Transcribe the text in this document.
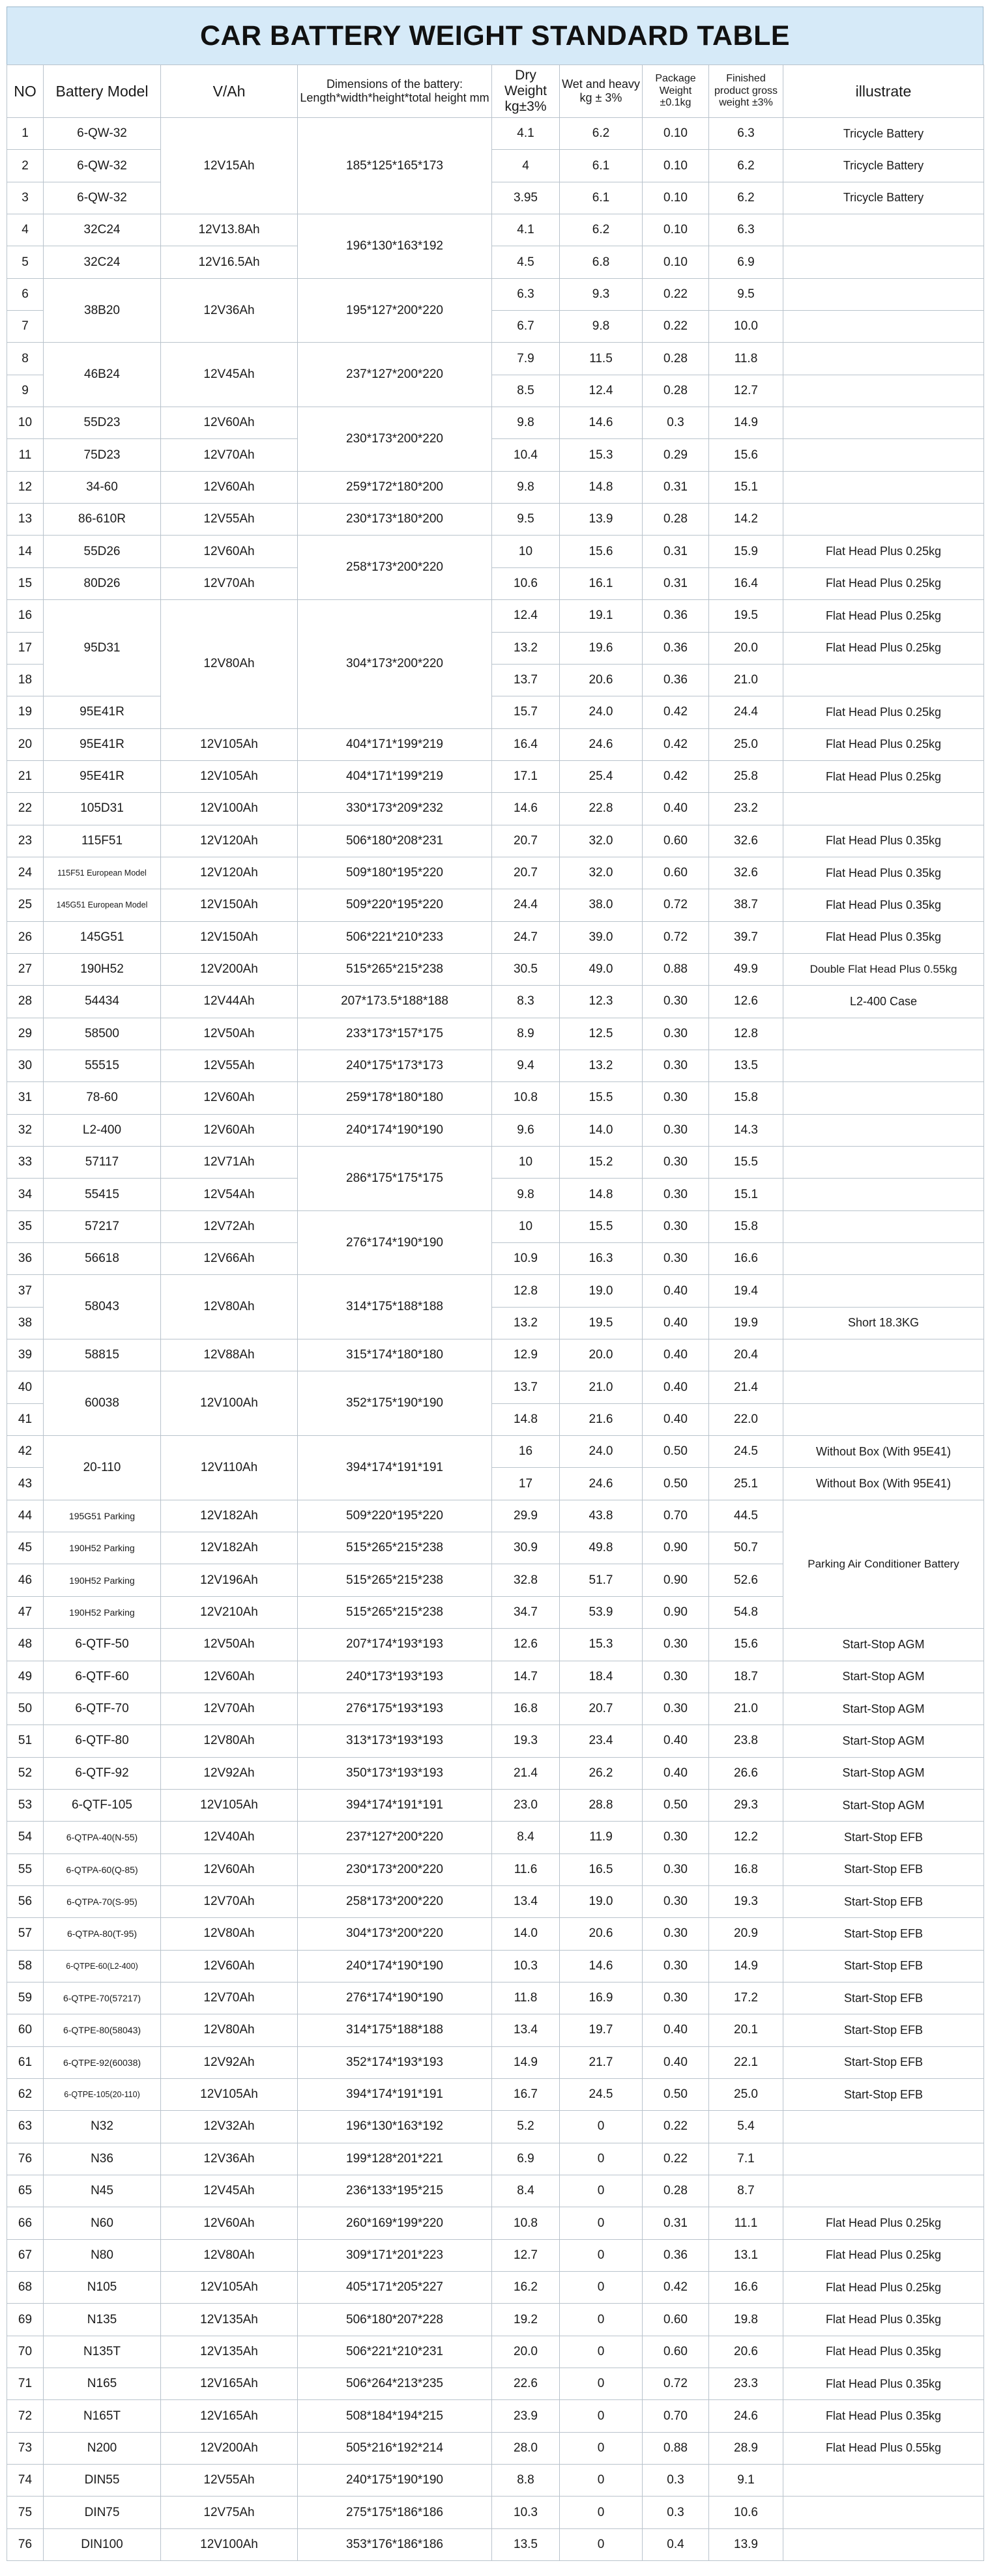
CAR BATTERY WEIGHT STANDARD TABLE
NO	Battery Model	V/Ah	Dimensions of the battery: Length*width*height*total height mm	Dry Weight kg±3%	Wet and heavy kg ± 3%	Package Weight ±0.1kg	Finished product gross weight ±3%	illustrate
1	6-QW-32	12V15Ah	185*125*165*173	4.1	6.2	0.10	6.3	Tricycle Battery
2	6-QW-32			4	6.1	0.10	6.2	Tricycle Battery
3	6-QW-32			3.95	6.1	0.10	6.2	Tricycle Battery
4	32C24	12V13.8Ah	196*130*163*192	4.1	6.2	0.10	6.3	
5	32C24	12V16.5Ah		4.5	6.8	0.10	6.9	
6	38B20	12V36Ah	195*127*200*220	6.3	9.3	0.22	9.5	
7				6.7	9.8	0.22	10.0	
8	46B24	12V45Ah	237*127*200*220	7.9	11.5	0.28	11.8	
9				8.5	12.4	0.28	12.7	
10	55D23	12V60Ah	230*173*200*220	9.8	14.6	0.3	14.9	
11	75D23	12V70Ah		10.4	15.3	0.29	15.6	
12	34-60	12V60Ah	259*172*180*200	9.8	14.8	0.31	15.1	
13	86-610R	12V55Ah	230*173*180*200	9.5	13.9	0.28	14.2	
14	55D26	12V60Ah	258*173*200*220	10	15.6	0.31	15.9	Flat Head Plus 0.25kg
15	80D26	12V70Ah		10.6	16.1	0.31	16.4	Flat Head Plus 0.25kg
16	95D31	12V80Ah	304*173*200*220	12.4	19.1	0.36	19.5	Flat Head Plus 0.25kg
17				13.2	19.6	0.36	20.0	Flat Head Plus 0.25kg
18				13.7	20.6	0.36	21.0	
19	95E41R			15.7	24.0	0.42	24.4	Flat Head Plus 0.25kg
20	95E41R	12V105Ah	404*171*199*219	16.4	24.6	0.42	25.0	Flat Head Plus 0.25kg
21	95E41R	12V105Ah	404*171*199*219	17.1	25.4	0.42	25.8	Flat Head Plus 0.25kg
22	105D31	12V100Ah	330*173*209*232	14.6	22.8	0.40	23.2	
23	115F51	12V120Ah	506*180*208*231	20.7	32.0	0.60	32.6	Flat Head Plus 0.35kg
24	115F51 European Model	12V120Ah	509*180*195*220	20.7	32.0	0.60	32.6	Flat Head Plus 0.35kg
25	145G51 European Model	12V150Ah	509*220*195*220	24.4	38.0	0.72	38.7	Flat Head Plus 0.35kg
26	145G51	12V150Ah	506*221*210*233	24.7	39.0	0.72	39.7	Flat Head Plus 0.35kg
27	190H52	12V200Ah	515*265*215*238	30.5	49.0	0.88	49.9	Double Flat Head Plus 0.55kg
28	54434	12V44Ah	207*173.5*188*188	8.3	12.3	0.30	12.6	L2-400 Case
29	58500	12V50Ah	233*173*157*175	8.9	12.5	0.30	12.8	
30	55515	12V55Ah	240*175*173*173	9.4	13.2	0.30	13.5	
31	78-60	12V60Ah	259*178*180*180	10.8	15.5	0.30	15.8	
32	L2-400	12V60Ah	240*174*190*190	9.6	14.0	0.30	14.3	
33	57117	12V71Ah	286*175*175*175	10	15.2	0.30	15.5	
34	55415	12V54Ah		9.8	14.8	0.30	15.1	
35	57217	12V72Ah	276*174*190*190	10	15.5	0.30	15.8	
36	56618	12V66Ah		10.9	16.3	0.30	16.6	
37	58043	12V80Ah	314*175*188*188	12.8	19.0	0.40	19.4	
38				13.2	19.5	0.40	19.9	Short 18.3KG
39	58815	12V88Ah	315*174*180*180	12.9	20.0	0.40	20.4	
40	60038	12V100Ah	352*175*190*190	13.7	21.0	0.40	21.4	
41				14.8	21.6	0.40	22.0	
42	20-110	12V110Ah	394*174*191*191	16	24.0	0.50	24.5	Without Box (With 95E41)
43				17	24.6	0.50	25.1	Without Box (With 95E41)
44	195G51 Parking	12V182Ah	509*220*195*220	29.9	43.8	0.70	44.5	Parking Air Conditioner Battery
45	190H52 Parking	12V182Ah	515*265*215*238	30.9	49.8	0.90	50.7	
46	190H52 Parking	12V196Ah	515*265*215*238	32.8	51.7	0.90	52.6	
47	190H52 Parking	12V210Ah	515*265*215*238	34.7	53.9	0.90	54.8	
48	6-QTF-50	12V50Ah	207*174*193*193	12.6	15.3	0.30	15.6	Start-Stop AGM
49	6-QTF-60	12V60Ah	240*173*193*193	14.7	18.4	0.30	18.7	Start-Stop AGM
50	6-QTF-70	12V70Ah	276*175*193*193	16.8	20.7	0.30	21.0	Start-Stop AGM
51	6-QTF-80	12V80Ah	313*173*193*193	19.3	23.4	0.40	23.8	Start-Stop AGM
52	6-QTF-92	12V92Ah	350*173*193*193	21.4	26.2	0.40	26.6	Start-Stop AGM
53	6-QTF-105	12V105Ah	394*174*191*191	23.0	28.8	0.50	29.3	Start-Stop AGM
54	6-QTPA-40(N-55)	12V40Ah	237*127*200*220	8.4	11.9	0.30	12.2	Start-Stop EFB
55	6-QTPA-60(Q-85)	12V60Ah	230*173*200*220	11.6	16.5	0.30	16.8	Start-Stop EFB
56	6-QTPA-70(S-95)	12V70Ah	258*173*200*220	13.4	19.0	0.30	19.3	Start-Stop EFB
57	6-QTPA-80(T-95)	12V80Ah	304*173*200*220	14.0	20.6	0.30	20.9	Start-Stop EFB
58	6-QTPE-60(L2-400)	12V60Ah	240*174*190*190	10.3	14.6	0.30	14.9	Start-Stop EFB
59	6-QTPE-70(57217)	12V70Ah	276*174*190*190	11.8	16.9	0.30	17.2	Start-Stop EFB
60	6-QTPE-80(58043)	12V80Ah	314*175*188*188	13.4	19.7	0.40	20.1	Start-Stop EFB
61	6-QTPE-92(60038)	12V92Ah	352*174*193*193	14.9	21.7	0.40	22.1	Start-Stop EFB
62	6-QTPE-105(20-110)	12V105Ah	394*174*191*191	16.7	24.5	0.50	25.0	Start-Stop EFB
63	N32	12V32Ah	196*130*163*192	5.2	0	0.22	5.4	
76	N36	12V36Ah	199*128*201*221	6.9	0	0.22	7.1	
65	N45	12V45Ah	236*133*195*215	8.4	0	0.28	8.7	
66	N60	12V60Ah	260*169*199*220	10.8	0	0.31	11.1	Flat Head Plus 0.25kg
67	N80	12V80Ah	309*171*201*223	12.7	0	0.36	13.1	Flat Head Plus 0.25kg
68	N105	12V105Ah	405*171*205*227	16.2	0	0.42	16.6	Flat Head Plus 0.25kg
69	N135	12V135Ah	506*180*207*228	19.2	0	0.60	19.8	Flat Head Plus 0.35kg
70	N135T	12V135Ah	506*221*210*231	20.0	0	0.60	20.6	Flat Head Plus 0.35kg
71	N165	12V165Ah	506*264*213*235	22.6	0	0.72	23.3	Flat Head Plus 0.35kg
72	N165T	12V165Ah	508*184*194*215	23.9	0	0.70	24.6	Flat Head Plus 0.35kg
73	N200	12V200Ah	505*216*192*214	28.0	0	0.88	28.9	Flat Head Plus 0.55kg
74	DIN55	12V55Ah	240*175*190*190	8.8	0	0.3	9.1	
75	DIN75	12V75Ah	275*175*186*186	10.3	0	0.3	10.6	
76	DIN100	12V100Ah	353*176*186*186	13.5	0	0.4	13.9	
